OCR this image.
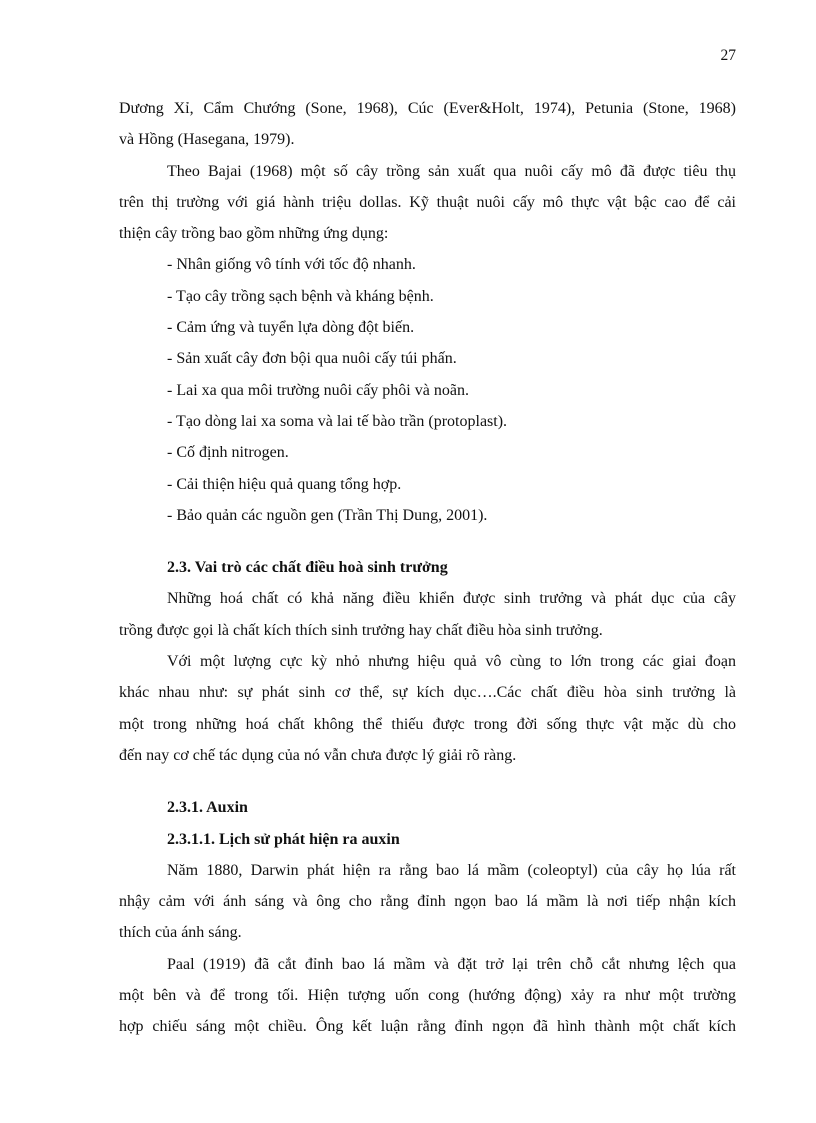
27

Dương Xỉ, Cẩm Chướng (Sone, 1968), Cúc (Ever&Holt, 1974), Petunia (Stone, 1968)

và Hồng (Hasegana, 1979).

Theo Bajai (1968) một số cây trồng sản xuất qua nuôi cấy mô đã được tiêu thụ

trên thị trường với giá hành triệu dollas. Kỹ thuật nuôi cấy mô thực vật bậc cao để cải

thiện cây trồng bao gồm những ứng dụng:

- Nhân giống vô tính với tốc độ nhanh.

- Tạo cây trồng sạch bệnh và kháng bệnh.

- Cảm ứng và tuyển lựa dòng đột biến.

- Sản xuất cây đơn bội qua nuôi cấy túi phấn.

- Lai xa qua môi trường nuôi cấy phôi và noãn.

- Tạo dòng lai xa soma và lai tế bào trần (protoplast).

- Cố định nitrogen.

- Cải thiện hiệu quả quang tổng hợp.

- Bảo quản các nguồn gen (Trần Thị Dung, 2001).

2.3. Vai trò các chất điều hoà sinh trưởng

Những hoá chất có khả năng điều khiển được sinh trưởng và phát dục của cây

trồng được gọi là chất kích thích sinh trưởng hay chất điều hòa sinh trưởng.

Với một lượng cực kỳ nhỏ nhưng hiệu quả vô cùng to lớn trong các giai đoạn

khác nhau như: sự phát sinh cơ thể, sự kích dục….Các chất điều hòa sinh trưởng là

một trong những hoá chất không thể thiếu được trong đời sống thực vật mặc dù cho

đến nay cơ chế tác dụng của nó vẫn chưa được lý giải rõ ràng.

2.3.1. Auxin

2.3.1.1. Lịch sử phát hiện ra auxin

Năm 1880, Darwin phát hiện ra rằng bao lá mầm (coleoptyl) của cây họ lúa rất

nhậy cảm với ánh sáng và ông cho rằng đỉnh ngọn bao lá mầm là nơi tiếp nhận kích

thích của ánh sáng.

Paal (1919) đã cắt đỉnh bao lá mầm và đặt trở lại trên chỗ cắt nhưng lệch qua

một bên và để trong tối. Hiện tượng uốn cong (hướng động) xảy ra như một trường

hợp chiếu sáng một chiều. Ông kết luận rằng đỉnh ngọn đã hình thành một chất kích
